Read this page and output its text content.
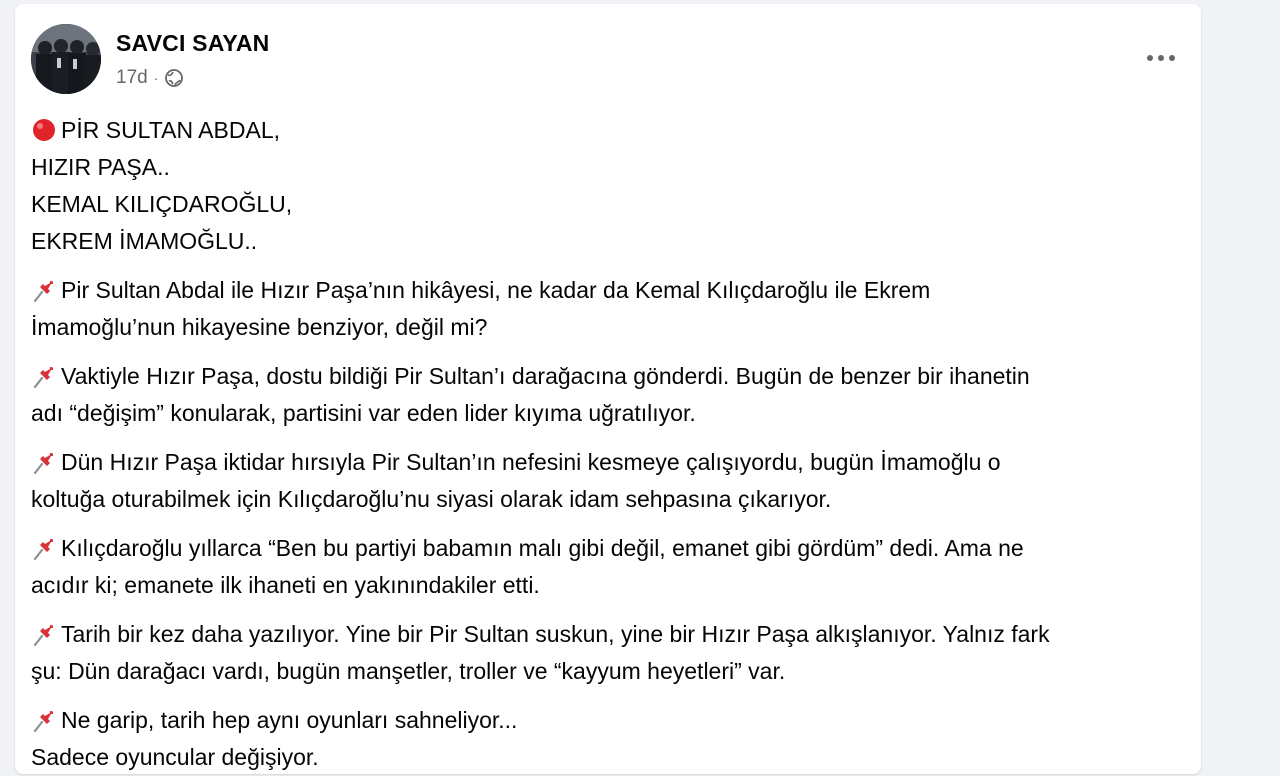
SAVCI SAYAN
17d ·

PİR SULTAN ABDAL,
HIZIR PAŞA..
KEMAL KILIÇDAROĞLU,
EKREM İMAMOĞLU..

Pir Sultan Abdal ile Hızır Paşa’nın hikâyesi, ne kadar da Kemal Kılıçdaroğlu ile Ekrem
İmamoğlu’nun hikayesine benziyor, değil mi?

Vaktiyle Hızır Paşa, dostu bildiği Pir Sultan’ı darağacına gönderdi. Bugün de benzer bir ihanetin
adı “değişim” konularak, partisini var eden lider kıyıma uğratılıyor.

Dün Hızır Paşa iktidar hırsıyla Pir Sultan’ın nefesini kesmeye çalışıyordu, bugün İmamoğlu o
koltuğa oturabilmek için Kılıçdaroğlu’nu siyasi olarak idam sehpasına çıkarıyor.

Kılıçdaroğlu yıllarca “Ben bu partiyi babamın malı gibi değil, emanet gibi gördüm” dedi. Ama ne
acıdır ki; emanete ilk ihaneti en yakınındakiler etti.

Tarih bir kez daha yazılıyor. Yine bir Pir Sultan suskun, yine bir Hızır Paşa alkışlanıyor. Yalnız fark
şu: Dün darağacı vardı, bugün manşetler, troller ve “kayyum heyetleri” var.

Ne garip, tarih hep aynı oyunları sahneliyor...
Sadece oyuncular değişiyor.
